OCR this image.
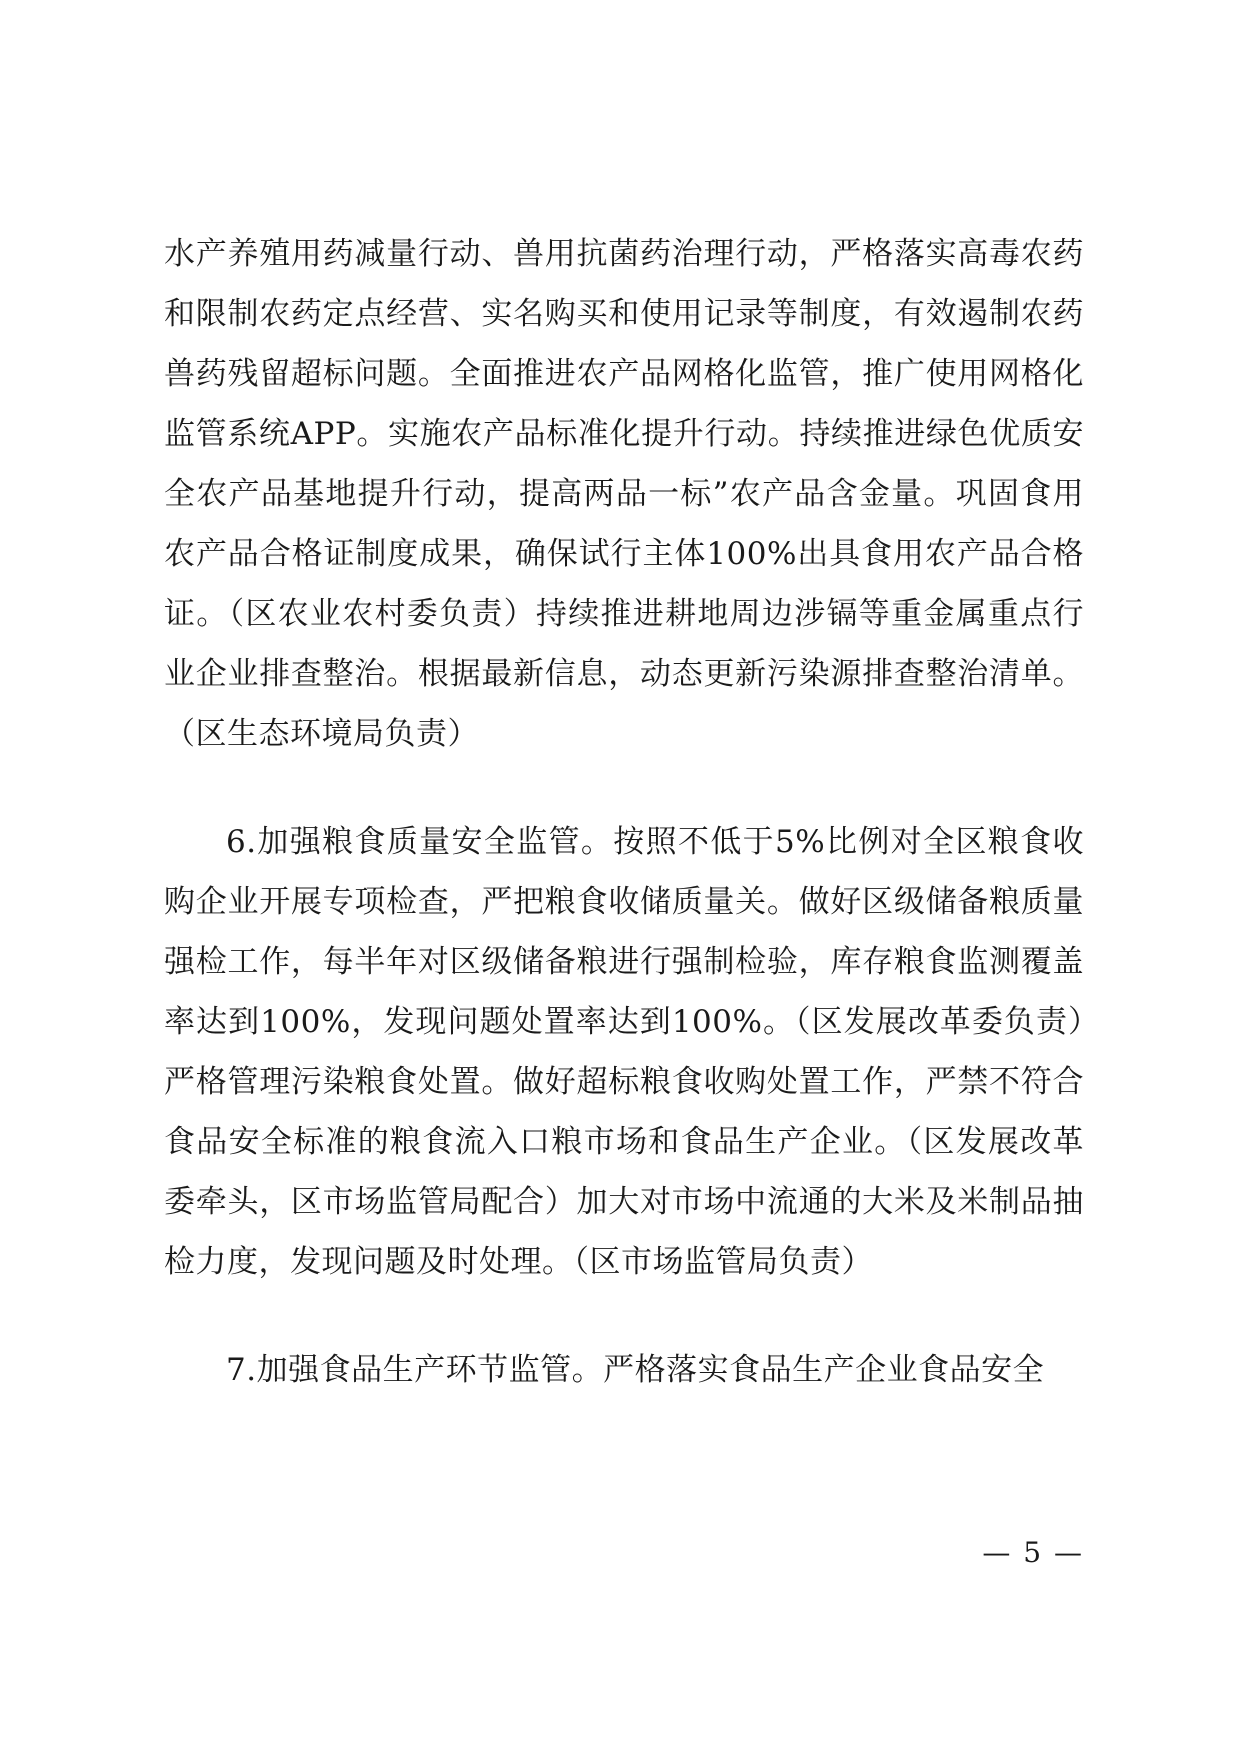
水产养殖用药减量行动、兽用抗菌药治理行动，严格落实高毒农药和限制农药定点经营、实名购买和使用记录等制度，有效遏制农药兽药残留超标问题。全面推进农产品网格化监管，推广使用网格化监管系统APP。实施农产品标准化提升行动。持续推进绿色优质安全农产品基地提升行动，提高两品一标”农产品含金量。巩固食用农产品合格证制度成果，确保试行主体100%出具食用农产品合格证。（区农业农村委负责）持续推进耕地周边涉镉等重金属重点行业企业排查整治。根据最新信息，动态更新污染源排查整治清单。（区生态环境局负责）

6.加强粮食质量安全监管。按照不低于5%比例对全区粮食收购企业开展专项检查，严把粮食收储质量关。做好区级储备粮质量强检工作，每半年对区级储备粮进行强制检验，库存粮食监测覆盖率达到100%，发现问题处置率达到100%。（区发展改革委负责）严格管理污染粮食处置。做好超标粮食收购处置工作，严禁不符合食品安全标准的粮食流入口粮市场和食品生产企业。（区发展改革委牵头，区市场监管局配合）加大对市场中流通的大米及米制品抽检力度，发现问题及时处理。（区市场监管局负责）

7.加强食品生产环节监管。严格落实食品生产企业食品安全

— 5 —
